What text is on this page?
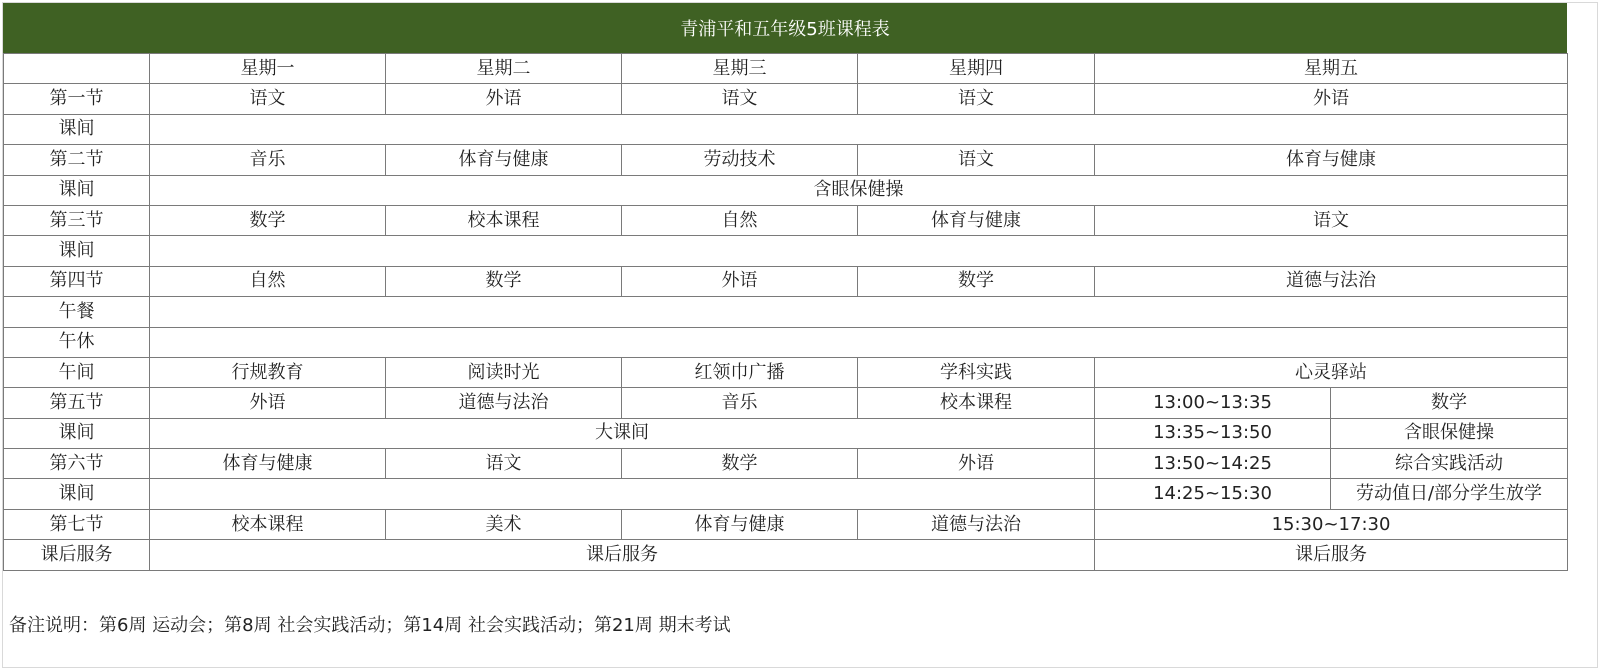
青浦平和五年级5班课程表
	星期一	星期二	星期三	星期四	星期五	
第一节	语文	外语	语文	语文	外语	
课间						
第二节	音乐	体育与健康	劳动技术	语文	体育与健康	
课间	含眼保健操					
第三节	数学	校本课程	自然	体育与健康	语文	
课间						
第四节	自然	数学	外语	数学	道德与法治	
午餐						
午休						
午间	行规教育	阅读时光	红领巾广播	学科实践	心灵驿站	
第五节	外语	道德与法治	音乐	校本课程	13:00~13:35	数学
课间	大课间				13:35~13:50	含眼保健操
第六节	体育与健康	语文	数学	外语	13:50~14:25	综合实践活动
课间					14:25~15:30	劳动值日/部分学生放学
第七节	校本课程	美术	体育与健康	道德与法治	15:30~17:30	
课后服务	课后服务				课后服务	
备注说明：第6周 运动会；第8周 社会实践活动；第14周 社会实践活动；第21周 期末考试
